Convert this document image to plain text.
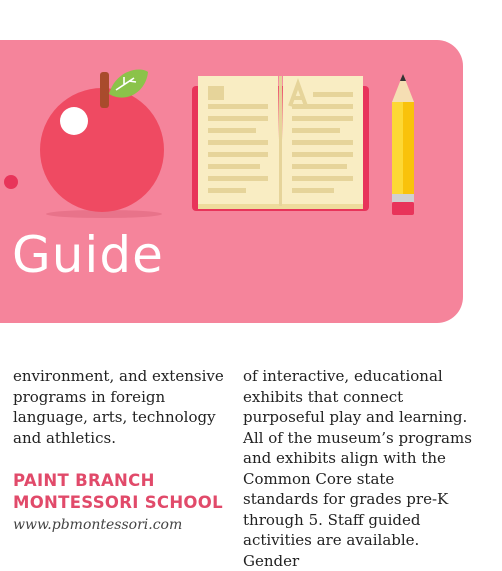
Guide

environment, and extensive programs in foreign language, arts, technology and athletics.

PAINT BRANCH
MONTESSORI SCHOOL
www.pbmontessori.com

of interactive, educational exhibits that connect purposeful play and learning. All of the museum’s programs and exhibits align with the Common Core state standards for grades pre-K through 5. Staff guided activities are available. Gender
